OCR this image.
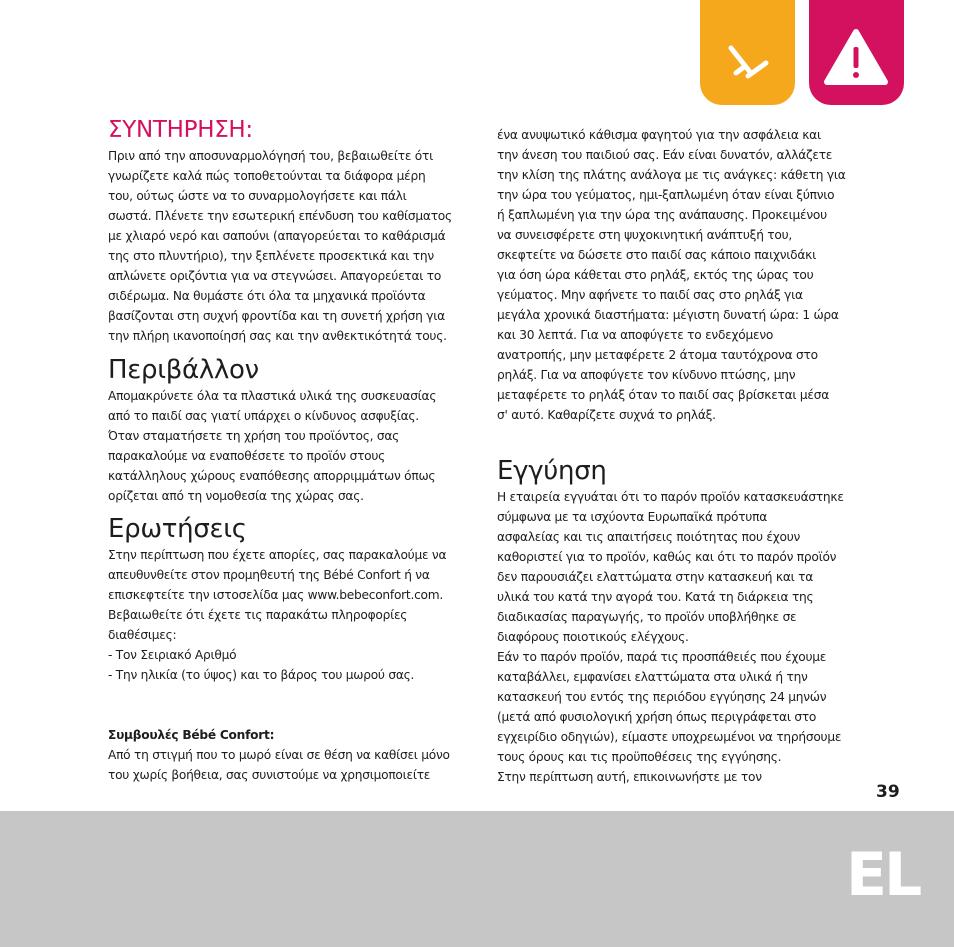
ΣΥΝΤΗΡΗΣΗ:
Πριν από την αποσυναρμολόγησή του, βεβαιωθείτε ότι
γνωρίζετε καλά πώς τοποθετούνται τα διάφορα μέρη
του, ούτως ώστε να το συναρμολογήσετε και πάλι
σωστά. Πλένετε την εσωτερική επένδυση του καθίσματος
με χλιαρό νερό και σαπούνι (απαγορεύεται το καθάρισμά
της στο πλυντήριο), την ξεπλένετε προσεκτικά και την
απλώνετε οριζόντια για να στεγνώσει. Απαγορεύεται το
σιδέρωμα. Να θυμάστε ότι όλα τα μηχανικά προϊόντα
βασίζονται στη συχνή φροντίδα και τη συνετή χρήση για
την πλήρη ικανοποίησή σας και την ανθεκτικότητά τους.
Περιβάλλον
Απομακρύνετε όλα τα πλαστικά υλικά της συσκευασίας
από το παιδί σας γιατί υπάρχει ο κίνδυνος ασφυξίας.
Όταν σταματήσετε τη χρήση του προϊόντος, σας
παρακαλούμε να εναποθέσετε το προϊόν στους
κατάλληλους χώρους εναπόθεσης απορριμμάτων όπως
ορίζεται από τη νομοθεσία της χώρας σας.
Ερωτήσεις
Στην περίπτωση που έχετε απορίες, σας παρακαλούμε να
απευθυνθείτε στον προμηθευτή της Bébé Confort ή να
επισκεφτείτε την ιστοσελίδα μας www.bebeconfort.com.
Βεβαιωθείτε ότι έχετε τις παρακάτω πληροφορίες
διαθέσιμες:
- Τον Σειριακό Αριθμό
- Την ηλικία (το ύψος) και το βάρος του μωρού σας.
Συμβουλές Bébé Confort:
Από τη στιγμή που το μωρό είναι σε θέση να καθίσει μόνο
του χωρίς βοήθεια, σας συνιστούμε να χρησιμοποιείτε
ένα ανυψωτικό κάθισμα φαγητού για την ασφάλεια και
την άνεση του παιδιού σας. Εάν είναι δυνατόν, αλλάζετε
την κλίση της πλάτης ανάλογα με τις ανάγκες: κάθετη για
την ώρα του γεύματος, ημι-ξαπλωμένη όταν είναι ξύπνιο
ή ξαπλωμένη για την ώρα της ανάπαυσης. Προκειμένου
να συνεισφέρετε στη ψυχοκινητική ανάπτυξή του,
σκεφτείτε να δώσετε στο παιδί σας κάποιο παιχνιδάκι
για όση ώρα κάθεται στο ρηλάξ, εκτός της ώρας του
γεύματος. Μην αφήνετε το παιδί σας στο ρηλάξ για
μεγάλα χρονικά διαστήματα: μέγιστη δυνατή ώρα: 1 ώρα
και 30 λεπτά. Για να αποφύγετε το ενδεχόμενο
ανατροπής, μην μεταφέρετε 2 άτομα ταυτόχρονα στο
ρηλάξ. Για να αποφύγετε τον κίνδυνο πτώσης, μην
μεταφέρετε το ρηλάξ όταν το παιδί σας βρίσκεται μέσα
σ' αυτό. Καθαρίζετε συχνά το ρηλάξ.
Εγγύηση
Η εταιρεία εγγυάται ότι το παρόν προϊόν κατασκευάστηκε
σύμφωνα με τα ισχύοντα Ευρωπαϊκά πρότυπα
ασφαλείας και τις απαιτήσεις ποιότητας που έχουν
καθοριστεί για το προϊόν, καθώς και ότι το παρόν προϊόν
δεν παρουσιάζει ελαττώματα στην κατασκευή και τα
υλικά του κατά την αγορά του. Κατά τη διάρκεια της
διαδικασίας παραγωγής, το προϊόν υποβλήθηκε σε
διαφόρους ποιοτικούς ελέγχους.
Εάν το παρόν προϊόν, παρά τις προσπάθειές που έχουμε
καταβάλλει, εμφανίσει ελαττώματα στα υλικά ή την
κατασκευή του εντός της περιόδου εγγύησης 24 μηνών
(μετά από φυσιολογική χρήση όπως περιγράφεται στο
εγχειρίδιο οδηγιών), είμαστε υποχρεωμένοι να τηρήσουμε
τους όρους και τις προϋποθέσεις της εγγύησης.
Στην περίπτωση αυτή, επικοινωνήστε με τον
39
EL
